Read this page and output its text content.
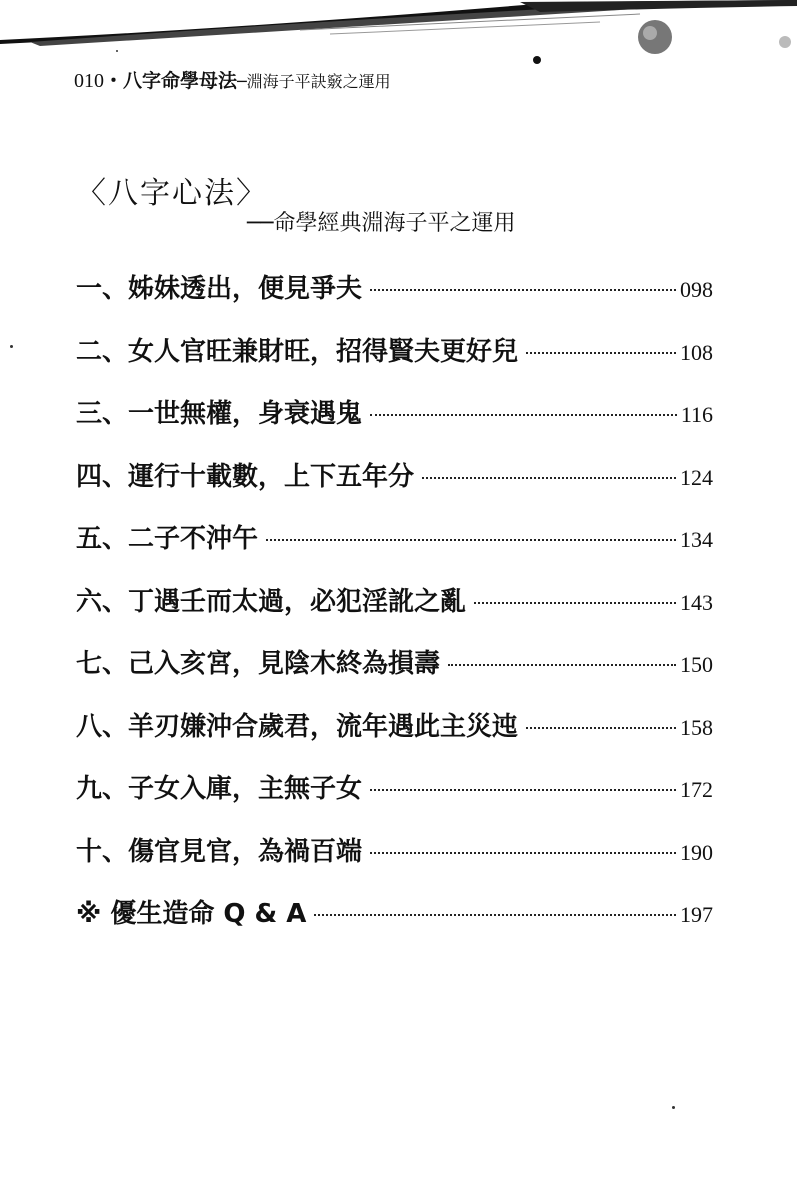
010・八字命學母法─淵海子平訣竅之運用
〈八字心法〉
──命學經典淵海子平之運用
一、姊妹透出，便見爭夫	098
二、女人官旺兼財旺，招得賢夫更好兒	108
三、一世無權，身衰遇鬼	116
四、運行十載數，上下五年分	124
五、二子不沖午	134
六、丁遇壬而太過，必犯淫訛之亂	143
七、己入亥宮，見陰木終為損壽	150
八、羊刃嫌沖合歲君，流年遇此主災迍	158
九、子女入庫，主無子女	172
十、傷官見官，為禍百端	190
※ 優生造命 Q & A	197
